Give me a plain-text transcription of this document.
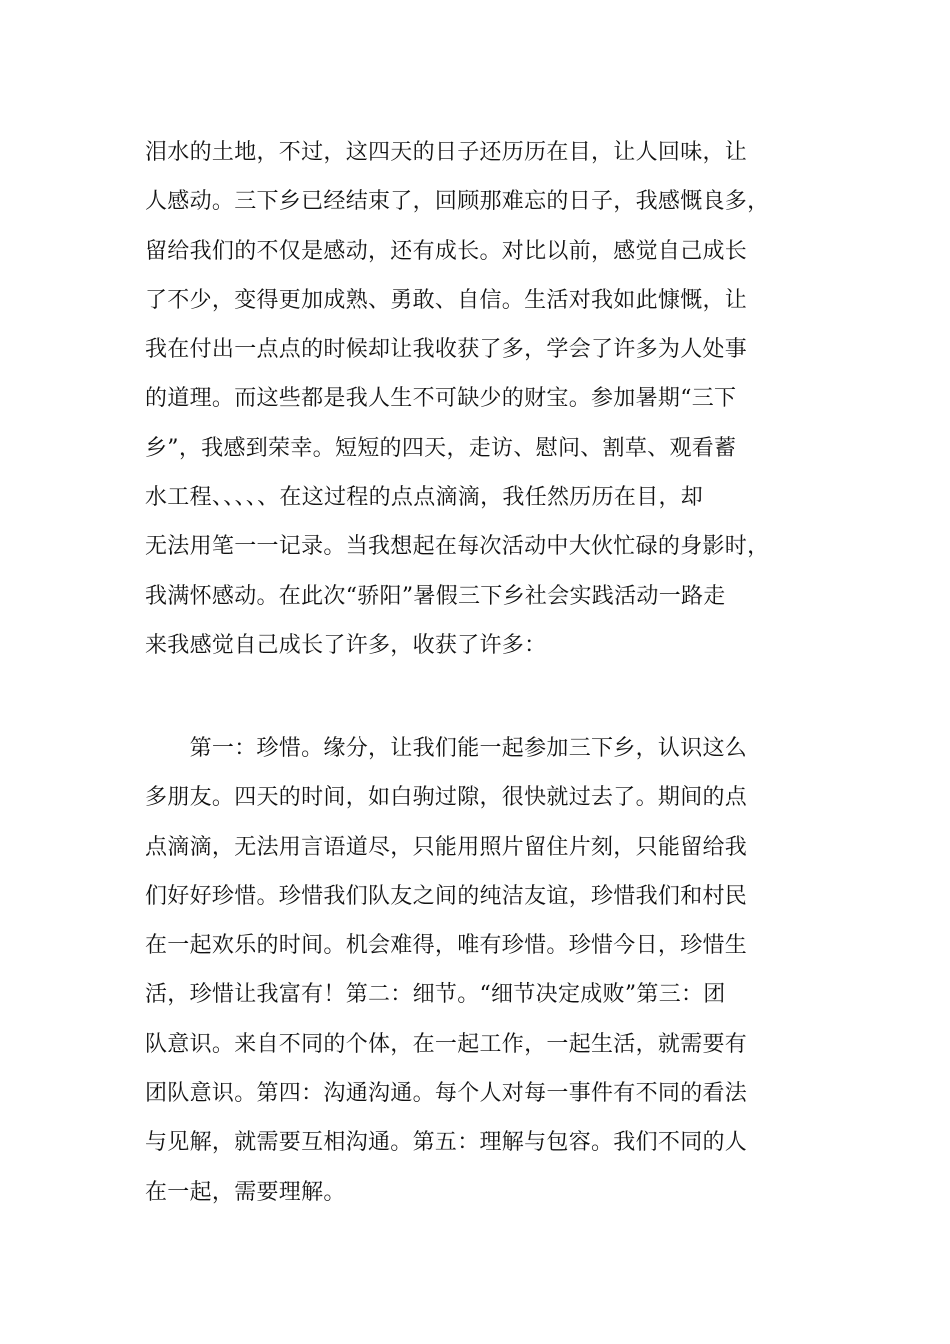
泪水的土地，不过，这四天的日子还历历在目，让人回味，让
人感动。三下乡已经结束了，回顾那难忘的日子，我感慨良多，
留给我们的不仅是感动，还有成长。对比以前，感觉自己成长
了不少，变得更加成熟、勇敢、自信。生活对我如此慷慨，让
我在付出一点点的时候却让我收获了多，学会了许多为人处事
的道理。而这些都是我人生不可缺少的财宝。参加暑期“三下
乡”，我感到荣幸。短短的四天，走访、慰问、割草、观看蓄
水工程、、、、、在这过程的点点滴滴，我任然历历在目，却
无法用笔一一记录。当我想起在每次活动中大伙忙碌的身影时，
我满怀感动。在此次“骄阳”暑假三下乡社会实践活动一路走
来我感觉自己成长了许多，收获了许多：

　　第一：珍惜。缘分，让我们能一起参加三下乡，认识这么
多朋友。四天的时间，如白驹过隙，很快就过去了。期间的点
点滴滴，无法用言语道尽，只能用照片留住片刻，只能留给我
们好好珍惜。珍惜我们队友之间的纯洁友谊，珍惜我们和村民
在一起欢乐的时间。机会难得，唯有珍惜。珍惜今日，珍惜生
活，珍惜让我富有！第二：细节。“细节决定成败”第三：团
队意识。来自不同的个体，在一起工作，一起生活，就需要有
团队意识。第四：沟通沟通。每个人对每一事件有不同的看法
与见解，就需要互相沟通。第五：理解与包容。我们不同的人
在一起，需要理解。
